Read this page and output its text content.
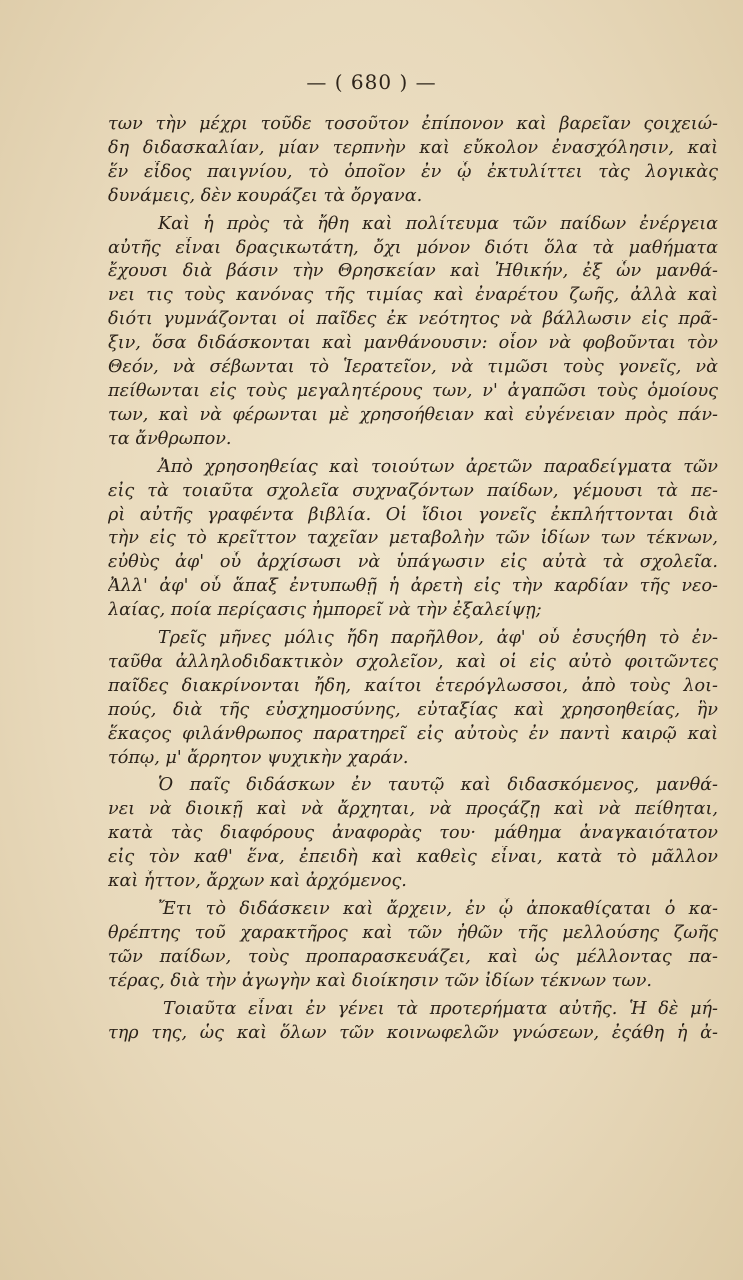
— ( 680 ) —
των τὴν μέχρι τοῦδε τοσοῦτον ἐπίπονον καὶ βαρεῖαν ςοιχειώ-
δη διδασκαλίαν, μίαν τερπνὴν καὶ εὔκολον ἐνασχόλησιν, καὶ
ἕν εἶδος παιγνίου, τὸ ὁποῖον ἐν ᾧ ἐκτυλίττει τὰς λογικὰς
δυνάμεις, δὲν κουράζει τὰ ὄργανα.
Καὶ ἡ πρὸς τὰ ἤθη καὶ πολίτευμα τῶν παίδων ἐνέργεια
αὐτῆς εἶναι δραςικωτάτη, ὄχι μόνον διότι ὅλα τὰ μαθήματα
ἔχουσι διὰ βάσιν τὴν Θρησκείαν καὶ Ἠθικήν, ἐξ ὧν μανθά-
νει τις τοὺς κανόνας τῆς τιμίας καὶ ἐναρέτου ζωῆς, ἀλλὰ καὶ
διότι γυμνάζονται οἱ παῖδες ἐκ νεότητος νὰ βάλλωσιν εἰς πρᾶ-
ξιν, ὅσα διδάσκονται καὶ μανθάνουσιν: οἷον νὰ φοβοῦνται τὸν
Θεόν, νὰ σέβωνται τὸ Ἱερατεῖον, νὰ τιμῶσι τοὺς γονεῖς, νὰ
πείθωνται εἰς τοὺς μεγαλητέρους των, ν' ἀγαπῶσι τοὺς ὁμοίους
των, καὶ νὰ φέρωνται μὲ χρησοήθειαν καὶ εὐγένειαν πρὸς πάν-
τα ἄνθρωπον.
Ἀπὸ χρησοηθείας καὶ τοιούτων ἀρετῶν παραδείγματα τῶν
εἰς τὰ τοιαῦτα σχολεῖα συχναζόντων παίδων, γέμουσι τὰ πε-
ρὶ αὐτῆς γραφέντα βιβλία. Οἱ ἴδιοι γονεῖς ἐκπλήττονται διὰ
τὴν εἰς τὸ κρεῖττον ταχεῖαν μεταβολὴν τῶν ἰδίων των τέκνων,
εὐθὺς ἀφ' οὗ ἀρχίσωσι νὰ ὑπάγωσιν εἰς αὐτὰ τὰ σχολεῖα.
Ἀλλ' ἀφ' οὗ ἅπαξ ἐντυπωθῇ ἡ ἀρετὴ εἰς τὴν καρδίαν τῆς νεο-
λαίας, ποία περίςασις ἠμπορεῖ νὰ τὴν ἐξαλείψῃ;
Τρεῖς μῆνες μόλις ἤδη παρῆλθον, ἀφ' οὗ ἐσυςήθη τὸ ἐν-
ταῦθα ἀλληλοδιδακτικὸν σχολεῖον, καὶ οἱ εἰς αὐτὸ φοιτῶντες
παῖδες διακρίνονται ἤδη, καίτοι ἑτερόγλωσσοι, ἀπὸ τοὺς λοι-
πούς, διὰ τῆς εὐσχημοσύνης, εὐταξίας καὶ χρησοηθείας, ἣν
ἕκαςος φιλάνθρωπος παρατηρεῖ εἰς αὐτοὺς ἐν παντὶ καιρῷ καὶ
τόπῳ, μ' ἄρρητον ψυχικὴν χαράν.
Ὁ παῖς διδάσκων ἐν ταυτῷ καὶ διδασκόμενος, μανθά-
νει νὰ διοικῇ καὶ νὰ ἄρχηται, νὰ προςάζῃ καὶ νὰ πείθηται,
κατὰ τὰς διαφόρους ἀναφορὰς του· μάθημα ἀναγκαιότατον
εἰς τὸν καθ' ἕνα, ἐπειδὴ καὶ καθεὶς εἶναι, κατὰ τὸ μᾶλλον
καὶ ἧττον, ἄρχων καὶ ἀρχόμενος.
Ἔτι τὸ διδάσκειν καὶ ἄρχειν, ἐν ᾧ ἀποκαθίςαται ὁ κα-
θρέπτης τοῦ χαρακτῆρος καὶ τῶν ἠθῶν τῆς μελλούσης ζωῆς
τῶν παίδων, τοὺς προπαρασκευάζει, καὶ ὡς μέλλοντας πα-
τέρας, διὰ τὴν ἀγωγὴν καὶ διοίκησιν τῶν ἰδίων τέκνων των.
Τοιαῦτα εἶναι ἐν γένει τὰ προτερήματα αὐτῆς. Ἡ δὲ μή-
τηρ της, ὡς καὶ ὅλων τῶν κοινωφελῶν γνώσεων, ἐςάθη ἡ ἀ-
